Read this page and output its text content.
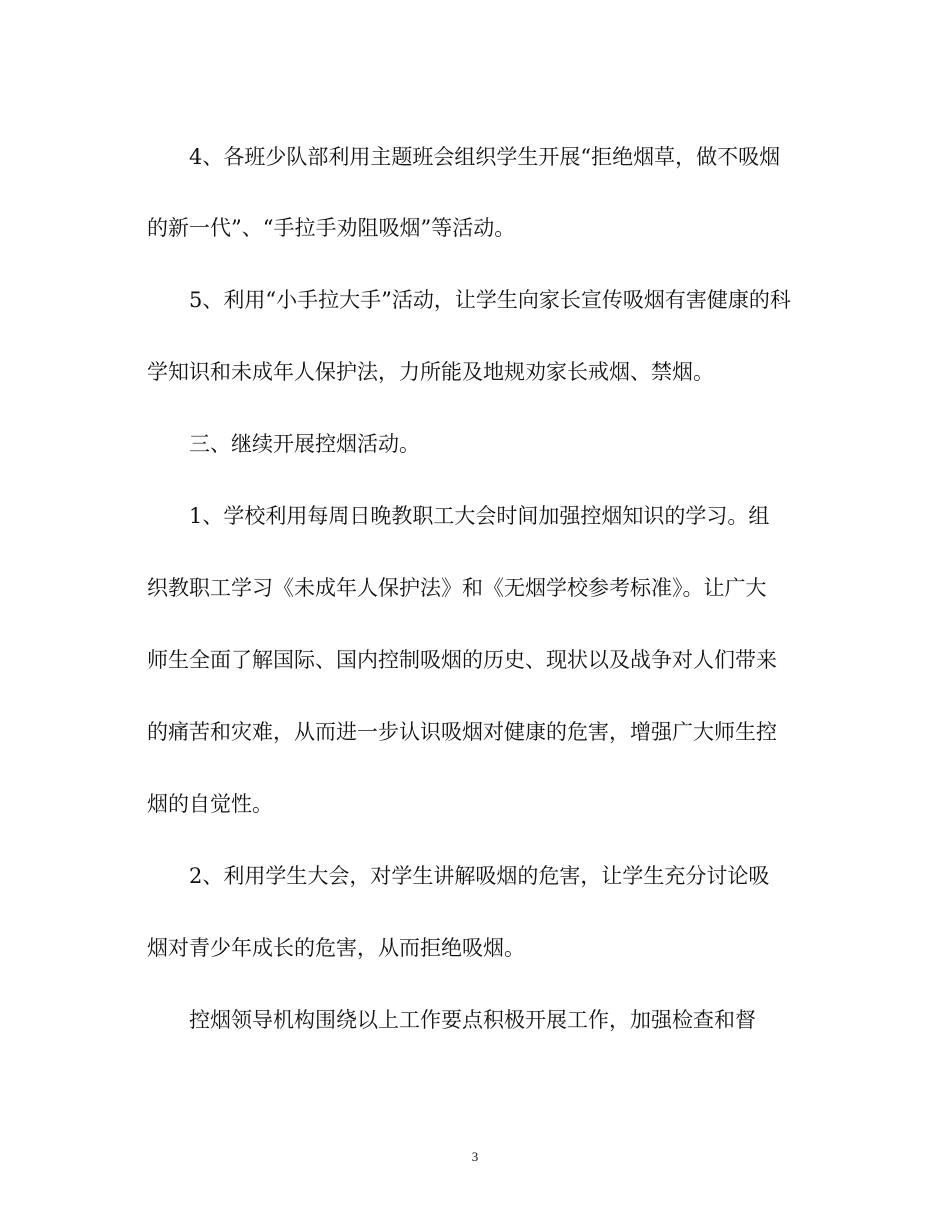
4、各班少队部利用主题班会组织学生开展“拒绝烟草，做不吸烟
的新一代”、“手拉手劝阻吸烟”等活动。
5、利用“小手拉大手”活动，让学生向家长宣传吸烟有害健康的科
学知识和未成年人保护法，力所能及地规劝家长戒烟、禁烟。
三、继续开展控烟活动。
1、学校利用每周日晚教职工大会时间加强控烟知识的学习。组
织教职工学习《未成年人保护法》和《无烟学校参考标准》。让广大
师生全面了解国际、国内控制吸烟的历史、现状以及战争对人们带来
的痛苦和灾难，从而进一步认识吸烟对健康的危害，增强广大师生控
烟的自觉性。
2、利用学生大会，对学生讲解吸烟的危害，让学生充分讨论吸
烟对青少年成长的危害，从而拒绝吸烟。
控烟领导机构围绕以上工作要点积极开展工作，加强检查和督
3
